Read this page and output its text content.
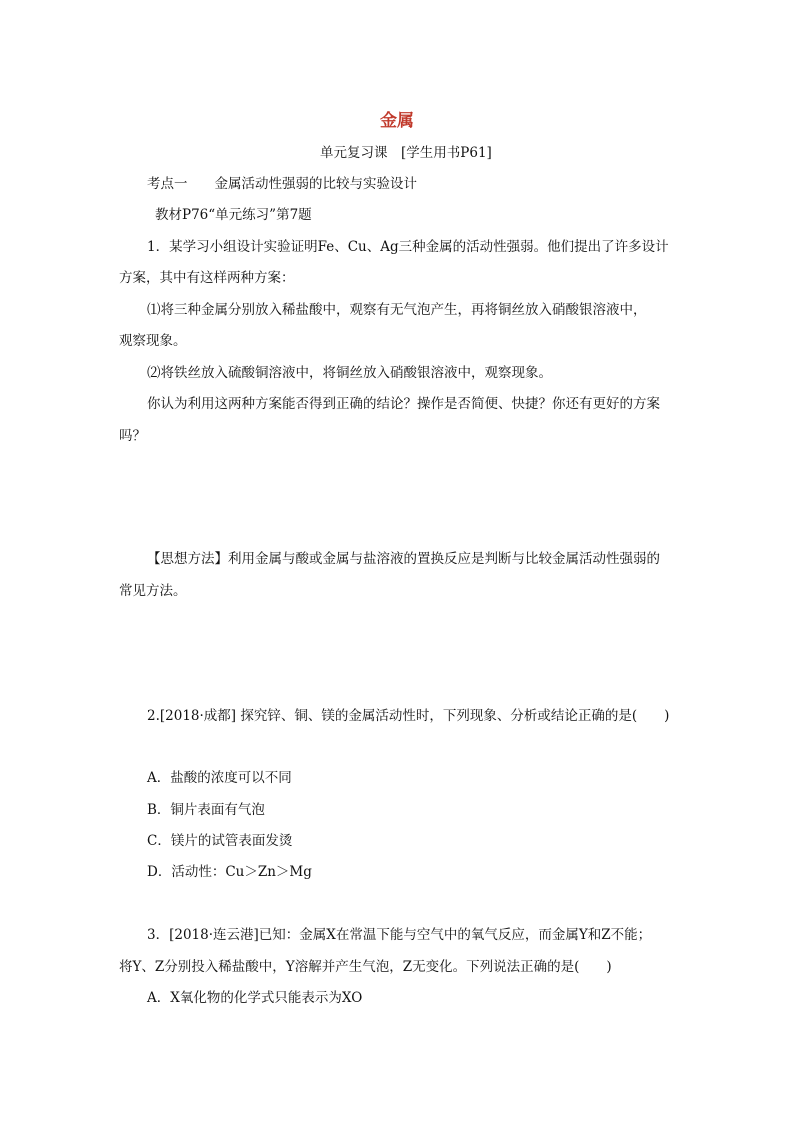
金属
单元复习课　[学生用书P61]
考点一　　金属活动性强弱的比较与实验设计
教材P76“单元练习”第7题
1．某学习小组设计实验证明Fe、Cu、Ag三种金属的活动性强弱。他们提出了许多设计
方案，其中有这样两种方案：
⑴将三种金属分别放入稀盐酸中，观察有无气泡产生，再将铜丝放入硝酸银溶液中，
观察现象。
⑵将铁丝放入硫酸铜溶液中，将铜丝放入硝酸银溶液中，观察现象。
你认为利用这两种方案能否得到正确的结论？操作是否简便、快捷？你还有更好的方案
吗？
【思想方法】利用金属与酸或金属与盐溶液的置换反应是判断与比较金属活动性强弱的
常见方法。
2.[2018·成都] 探究锌、铜、镁的金属活动性时，下列现象、分析或结论正确的是(　　)
A．盐酸的浓度可以不同
B．铜片表面有气泡
C．镁片的试管表面发烫
D．活动性：Cu＞Zn＞Mg
3．[2018·连云港]已知：金属X在常温下能与空气中的氧气反应，而金属Y和Z不能；
将Y、Z分别投入稀盐酸中，Y溶解并产生气泡，Z无变化。下列说法正确的是(　　)
A．X氧化物的化学式只能表示为XO
